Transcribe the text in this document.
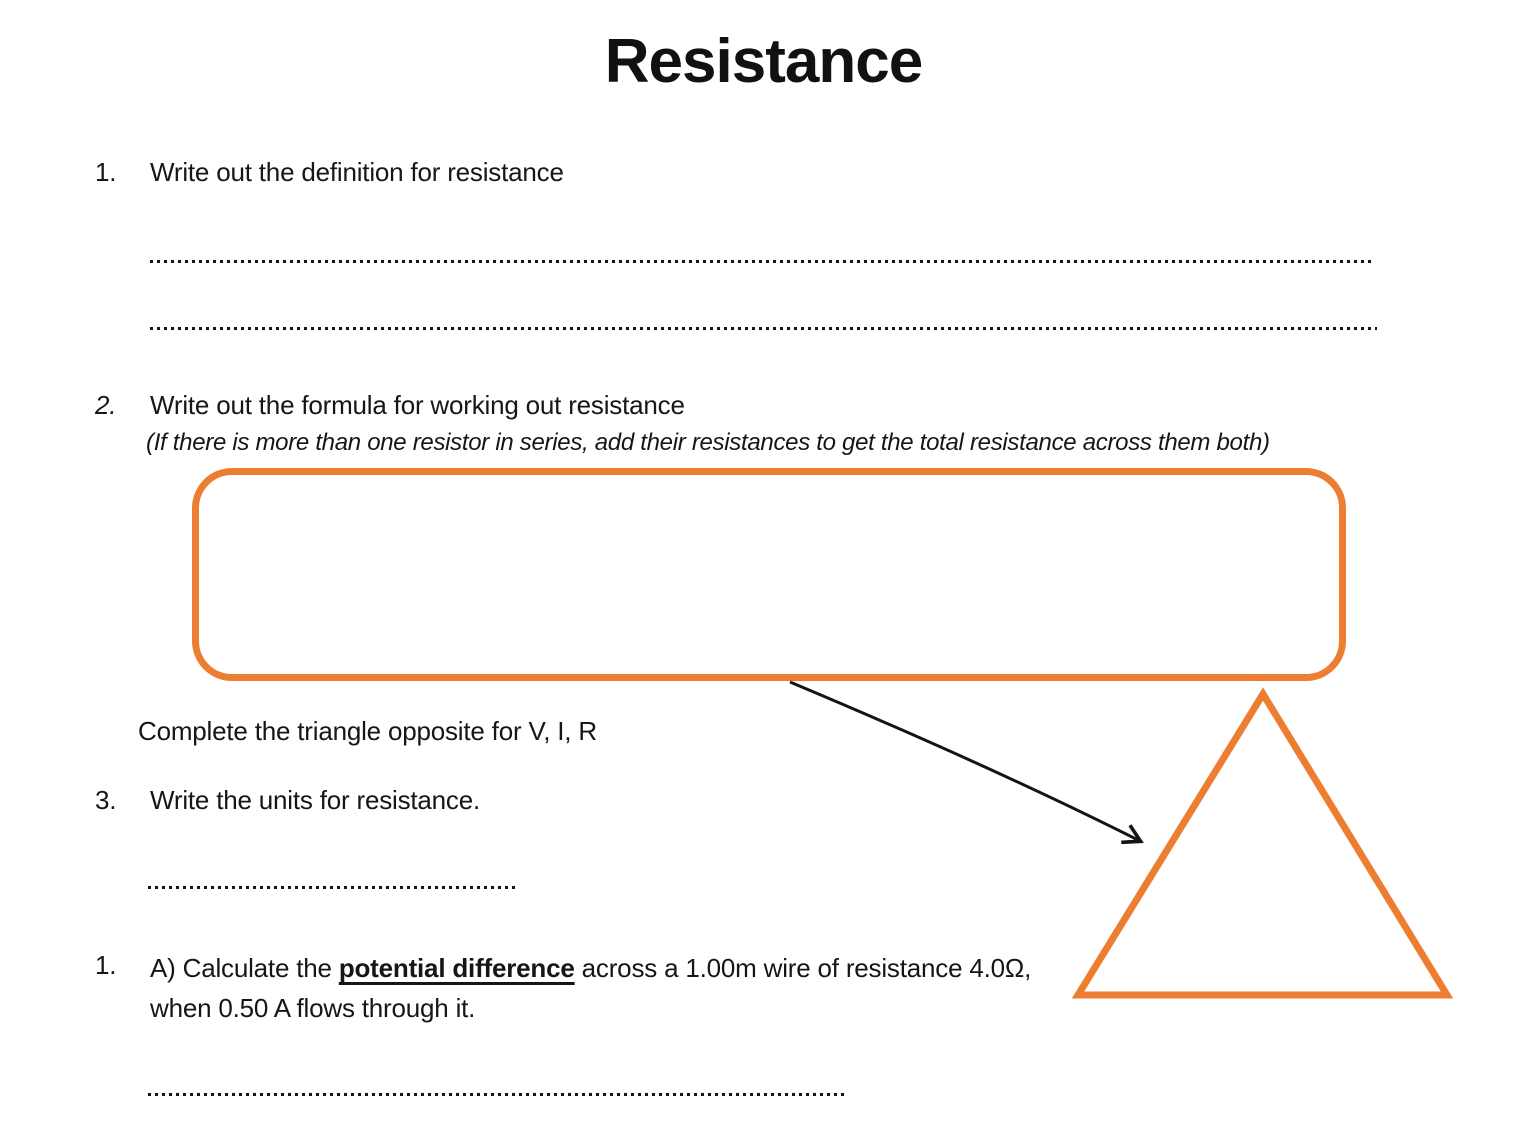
Resistance
1.	Write out the definition for resistance
2.	Write out the formula for working out resistance
(If there is more than one resistor in series, add their resistances to get the total resistance across them both)
Complete the triangle opposite for V, I, R
3.	Write the units for resistance.
1.	A) Calculate the potential difference across a 1.00m wire of resistance 4.0Ω,
when 0.50 A flows through it.
